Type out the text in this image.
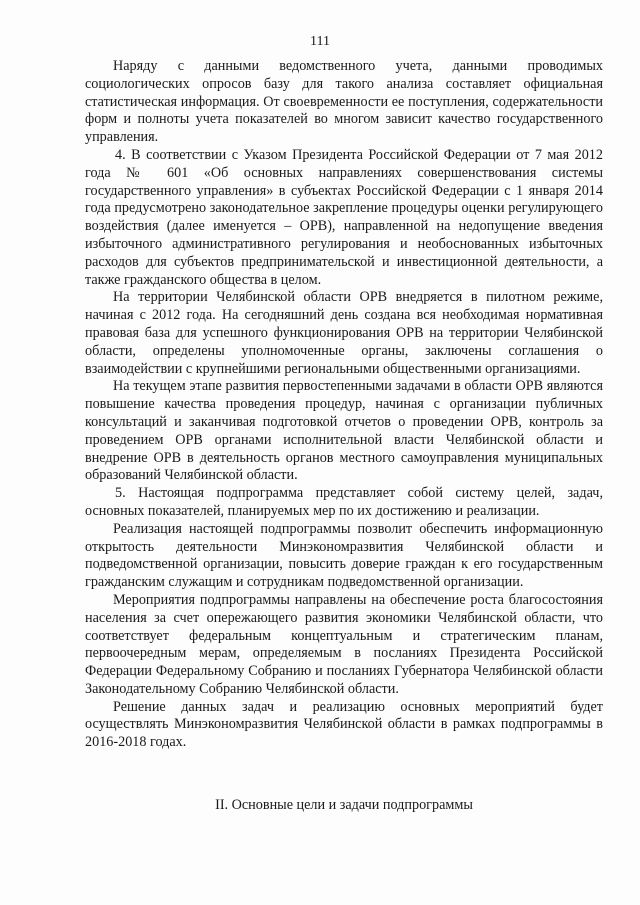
111

Наряду с данными ведомственного учета, данными проводимых социологических опросов базу для такого анализа составляет официальная статистическая информация. От своевременности ее поступления, содержательности форм и полноты учета показателей во многом зависит качество государственного управления.

4. В соответствии с Указом Президента Российской Федерации от 7 мая 2012 года № 601 «Об основных направлениях совершенствования системы государственного управления» в субъектах Российской Федерации с 1 января 2014 года предусмотрено законодательное закрепление процедуры оценки регулирующего воздействия (далее именуется – ОРВ), направленной на недопущение введения избыточного административного регулирования и необоснованных избыточных расходов для субъектов предпринимательской и инвестиционной деятельности, а также гражданского общества в целом.

На территории Челябинской области ОРВ внедряется в пилотном режиме, начиная с 2012 года. На сегодняшний день создана вся необходимая нормативная правовая база для успешного функционирования ОРВ на территории Челябинской области, определены уполномоченные органы, заключены соглашения о взаимодействии с крупнейшими региональными общественными организациями.

На текущем этапе развития первостепенными задачами в области ОРВ являются повышение качества проведения процедур, начиная с организации публичных консультаций и заканчивая подготовкой отчетов о проведении ОРВ, контроль за проведением ОРВ органами исполнительной власти Челябинской области и внедрение ОРВ в деятельность органов местного самоуправления муниципальных образований Челябинской области.

5. Настоящая подпрограмма представляет собой систему целей, задач, основных показателей, планируемых мер по их достижению и реализации.

Реализация настоящей подпрограммы позволит обеспечить информационную открытость деятельности Минэкономразвития Челябинской области и подведомственной организации, повысить доверие граждан к его государственным гражданским служащим и сотрудникам подведомственной организации.

Мероприятия подпрограммы направлены на обеспечение роста благосостояния населения за счет опережающего развития экономики Челябинской области, что соответствует федеральным концептуальным и стратегическим планам, первоочередным мерам, определяемым в посланиях Президента Российской Федерации Федеральному Собранию и посланиях Губернатора Челябинской области Законодательному Собранию Челябинской области.

Решение данных задач и реализацию основных мероприятий будет осуществлять Минэкономразвития Челябинской области в рамках подпрограммы в 2016-2018 годах.

II. Основные цели и задачи подпрограммы
